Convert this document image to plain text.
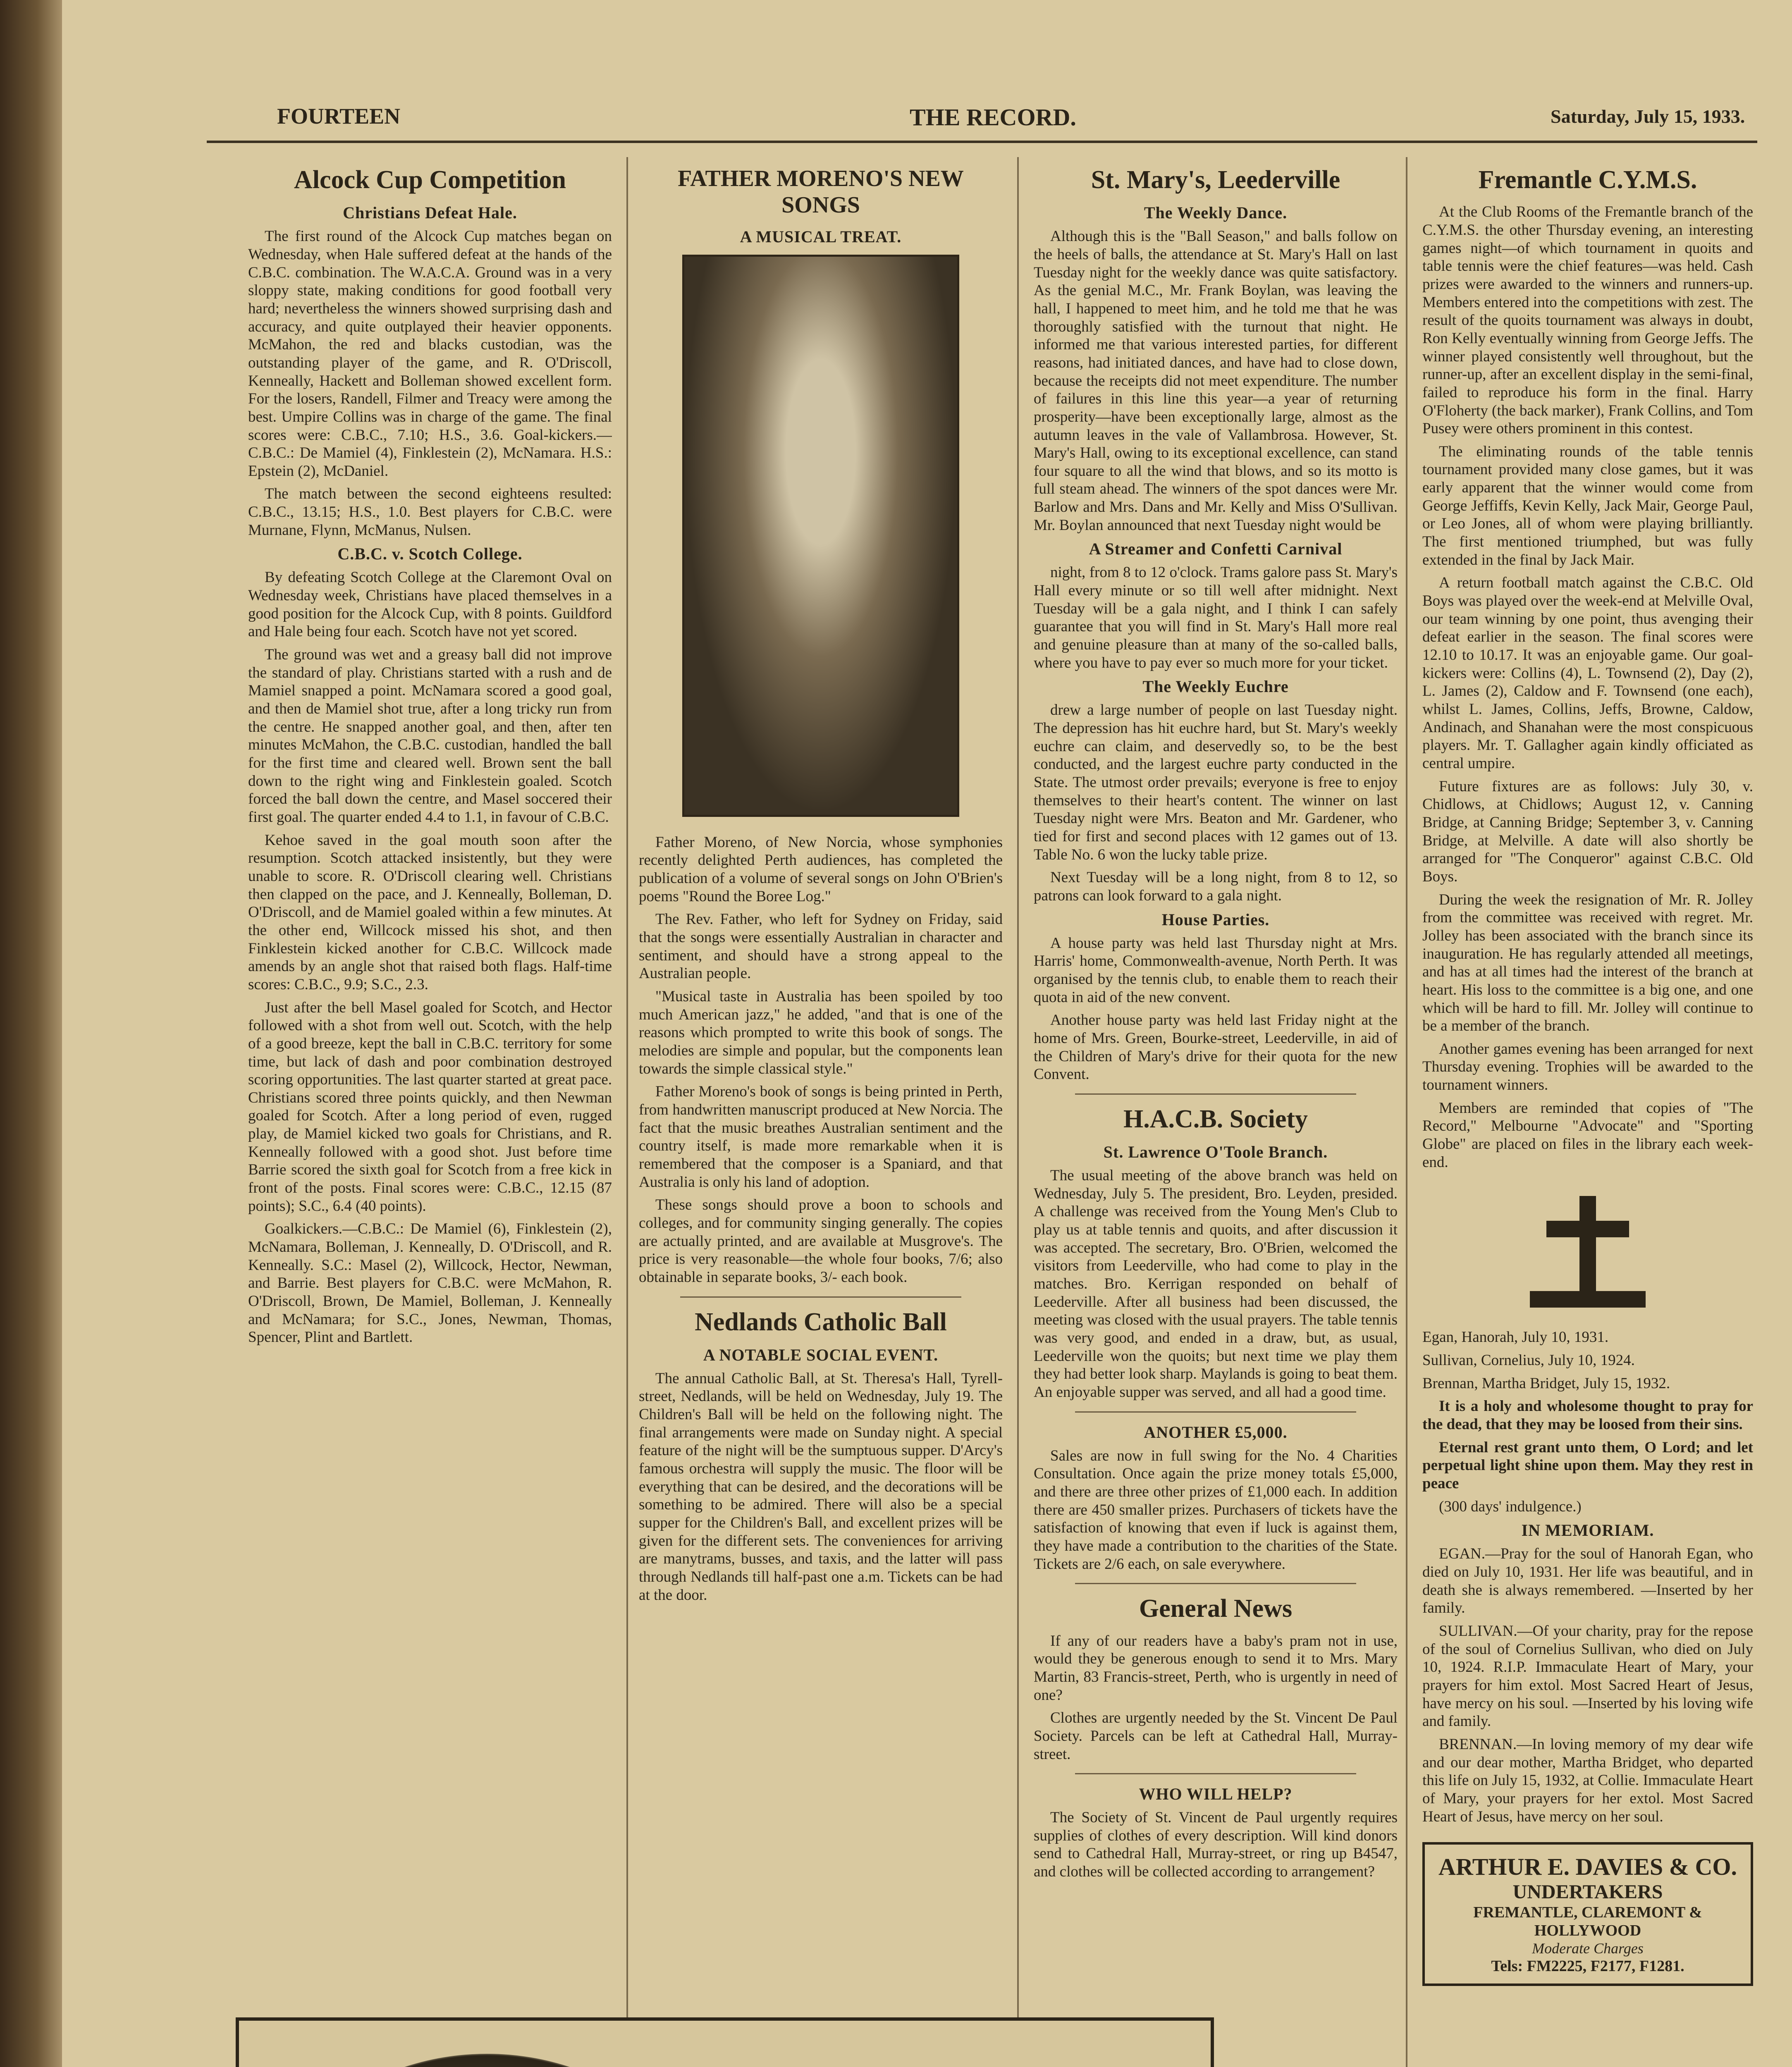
FOURTEEN	THE RECORD.	Saturday, July 15, 1933.
Alcock Cup Competition
Christians Defeat Hale.

The first round of the Alcock Cup matches began on Wednesday, when Hale suffered defeat at the hands of the C.B.C. combination. The W.A.C.A. Ground was in a very sloppy state, making conditions for good football very hard; nevertheless the winners showed surprising dash and accuracy, and quite outplayed their heavier opponents. McMahon, the red and blacks custodian, was the outstanding player of the game, and R. O'Driscoll, Kenneally, Hackett and Bolleman showed excellent form. For the losers, Randell, Filmer and Treacy were among the best. Umpire Collins was in charge of the game. The final scores were: C.B.C., 7.10; H.S., 3.6. Goal-kickers.—C.B.C.: De Mamiel (4), Finklestein (2), McNamara. H.S.: Epstein (2), McDaniel.

The match between the second eighteens resulted: C.B.C., 13.15; H.S., 1.0. Best players for C.B.C. were Murnane, Flynn, McManus, Nulsen.

C.B.C. v. Scotch College.

By defeating Scotch College at the Claremont Oval on Wednesday week, Christians have placed themselves in a good position for the Alcock Cup, with 8 points. Guildford and Hale being four each. Scotch have not yet scored.

The ground was wet and a greasy ball did not improve the standard of play. Christians started with a rush and de Mamiel snapped a point. McNamara scored a good goal, and then de Mamiel shot true, after a long tricky run from the centre. He snapped another goal, and then, after ten minutes McMahon, the C.B.C. custodian, handled the ball for the first time and cleared well. Brown sent the ball down to the right wing and Finklestein goaled. Scotch forced the ball down the centre, and Masel soccered their first goal. The quarter ended 4.4 to 1.1, in favour of C.B.C.

Kehoe saved in the goal mouth soon after the resumption. Scotch attacked insistently, but they were unable to score. R. O'Driscoll clearing well. Christians then clapped on the pace, and J. Kenneally, Bolleman, D. O'Driscoll, and de Mamiel goaled within a few minutes. At the other end, Willcock missed his shot, and then Finklestein kicked another for C.B.C. Willcock made amends by an angle shot that raised both flags. Half-time scores: C.B.C., 9.9; S.C., 2.3.

Just after the bell Masel goaled for Scotch, and Hector followed with a shot from well out. Scotch, with the help of a good breeze, kept the ball in C.B.C. territory for some time, but lack of dash and poor combination destroyed scoring opportunities. The last quarter started at great pace. Christians scored three points quickly, and then Newman goaled for Scotch. After a long period of even, rugged play, de Mamiel kicked two goals for Christians, and R. Kenneally followed with a good shot. Just before time Barrie scored the sixth goal for Scotch from a free kick in front of the posts. Final scores were: C.B.C., 12.15 (87 points); S.C., 6.4 (40 points).

Goalkickers.—C.B.C.: De Mamiel (6), Finklestein (2), McNamara, Bolleman, J. Kenneally, D. O'Driscoll, and R. Kenneally. S.C.: Masel (2), Willcock, Hector, Newman, and Barrie. Best players for C.B.C. were McMahon, R. O'Driscoll, Brown, De Mamiel, Bolleman, J. Kenneally and McNamara; for S.C., Jones, Newman, Thomas, Spencer, Plint and Bartlett.

FATHER MORENO'S NEW SONGS
A MUSICAL TREAT.

Father Moreno, of New Norcia, whose symphonies recently delighted Perth audiences, has completed the publication of a volume of several songs on John O'Brien's poems "Round the Boree Log."

The Rev. Father, who left for Sydney on Friday, said that the songs were essentially Australian in character and sentiment, and should have a strong appeal to the Australian people.

"Musical taste in Australia has been spoiled by too much American jazz," he added, "and that is one of the reasons which prompted to write this book of songs. The melodies are simple and popular, but the components lean towards the simple classical style."

Father Moreno's book of songs is being printed in Perth, from handwritten manuscript produced at New Norcia. The fact that the music breathes Australian sentiment and the country itself, is made more remarkable when it is remembered that the composer is a Spaniard, and that Australia is only his land of adoption.

These songs should prove a boon to schools and colleges, and for community singing generally. The copies are actually printed, and are available at Musgrove's. The price is very reasonable—the whole four books, 7/6; also obtainable in separate books, 3/- each book.

Nedlands Catholic Ball
A NOTABLE SOCIAL EVENT.

The annual Catholic Ball, at St. Theresa's Hall, Tyrell-street, Nedlands, will be held on Wednesday, July 19. The Children's Ball will be held on the following night. The final arrangements were made on Sunday night. A special feature of the night will be the sumptuous supper. D'Arcy's famous orchestra will supply the music. The floor will be everything that can be desired, and the decorations will be something to be admired. There will also be a special supper for the Children's Ball, and excellent prizes will be given for the different sets. The conveniences for arriving are manytrams, busses, and taxis, and the latter will pass through Nedlands till half-past one a.m. Tickets can be had at the door.

St. Mary's, Leederville
The Weekly Dance.

Although this is the "Ball Season," and balls follow on the heels of balls, the attendance at St. Mary's Hall on last Tuesday night for the weekly dance was quite satisfactory. As the genial M.C., Mr. Frank Boylan, was leaving the hall, I happened to meet him, and he told me that he was thoroughly satisfied with the turnout that night. He informed me that various interested parties, for different reasons, had initiated dances, and have had to close down, because the receipts did not meet expenditure. The number of failures in this line this year—a year of returning prosperity—have been exceptionally large, almost as the autumn leaves in the vale of Vallambrosa. However, St. Mary's Hall, owing to its exceptional excellence, can stand four square to all the wind that blows, and so its motto is full steam ahead. The winners of the spot dances were Mr. Barlow and Mrs. Dans and Mr. Kelly and Miss O'Sullivan. Mr. Boylan announced that next Tuesday night would be

A Streamer and Confetti Carnival

night, from 8 to 12 o'clock. Trams galore pass St. Mary's Hall every minute or so till well after midnight. Next Tuesday will be a gala night, and I think I can safely guarantee that you will find in St. Mary's Hall more real and genuine pleasure than at many of the so-called balls, where you have to pay ever so much more for your ticket.

The Weekly Euchre

drew a large number of people on last Tuesday night. The depression has hit euchre hard, but St. Mary's weekly euchre can claim, and deservedly so, to be the best conducted, and the largest euchre party conducted in the State. The utmost order prevails; everyone is free to enjoy themselves to their heart's content. The winner on last Tuesday night were Mrs. Beaton and Mr. Gardener, who tied for first and second places with 12 games out of 13. Table No. 6 won the lucky table prize.

Next Tuesday will be a long night, from 8 to 12, so patrons can look forward to a gala night.

House Parties.

A house party was held last Thursday night at Mrs. Harris' home, Commonwealth-avenue, North Perth. It was organised by the tennis club, to enable them to reach their quota in aid of the new convent.

Another house party was held last Friday night at the home of Mrs. Green, Bourke-street, Leederville, in aid of the Children of Mary's drive for their quota for the new Convent.

H.A.C.B. Society
St. Lawrence O'Toole Branch.

The usual meeting of the above branch was held on Wednesday, July 5. The president, Bro. Leyden, presided. A challenge was received from the Young Men's Club to play us at table tennis and quoits, and after discussion it was accepted. The secretary, Bro. O'Brien, welcomed the visitors from Leederville, who had come to play in the matches. Bro. Kerrigan responded on behalf of Leederville. After all business had been discussed, the meeting was closed with the usual prayers. The table tennis was very good, and ended in a draw, but, as usual, Leederville won the quoits; but next time we play them they had better look sharp. Maylands is going to beat them. An enjoyable supper was served, and all had a good time.

ANOTHER £5,000.

Sales are now in full swing for the No. 4 Charities Consultation. Once again the prize money totals £5,000, and there are three other prizes of £1,000 each. In addition there are 450 smaller prizes. Purchasers of tickets have the satisfaction of knowing that even if luck is against them, they have made a contribution to the charities of the State. Tickets are 2/6 each, on sale everywhere.

General News

If any of our readers have a baby's pram not in use, would they be generous enough to send it to Mrs. Mary Martin, 83 Francis-street, Perth, who is urgently in need of one?

Clothes are urgently needed by the St. Vincent De Paul Society. Parcels can be left at Cathedral Hall, Murray-street.

WHO WILL HELP?

The Society of St. Vincent de Paul urgently requires supplies of clothes of every description. Will kind donors send to Cathedral Hall, Murray-street, or ring up B4547, and clothes will be collected according to arrangement?

Fremantle C.Y.M.S.

At the Club Rooms of the Fremantle branch of the C.Y.M.S. the other Thursday evening, an interesting games night—of which tournament in quoits and table tennis were the chief features—was held. Cash prizes were awarded to the winners and runners-up. Members entered into the competitions with zest. The result of the quoits tournament was always in doubt, Ron Kelly eventually winning from George Jeffs. The winner played consistently well throughout, but the runner-up, after an excellent display in the semi-final, failed to reproduce his form in the final. Harry O'Floherty (the back marker), Frank Collins, and Tom Pusey were others prominent in this contest.

The eliminating rounds of the table tennis tournament provided many close games, but it was early apparent that the winner would come from George Jeffiffs, Kevin Kelly, Jack Mair, George Paul, or Leo Jones, all of whom were playing brilliantly. The first mentioned triumphed, but was fully extended in the final by Jack Mair.

A return football match against the C.B.C. Old Boys was played over the week-end at Melville Oval, our team winning by one point, thus avenging their defeat earlier in the season. The final scores were 12.10 to 10.17. It was an enjoyable game. Our goal-kickers were: Collins (4), L. Townsend (2), Day (2), L. James (2), Caldow and F. Townsend (one each), whilst L. James, Collins, Jeffs, Browne, Caldow, Andinach, and Shanahan were the most conspicuous players. Mr. T. Gallagher again kindly officiated as central umpire.

Future fixtures are as follows: July 30, v. Chidlows, at Chidlows; August 12, v. Canning Bridge, at Canning Bridge; September 3, v. Canning Bridge, at Melville. A date will also shortly be arranged for "The Conqueror" against C.B.C. Old Boys.

During the week the resignation of Mr. R. Jolley from the committee was received with regret. Mr. Jolley has been associated with the branch since its inauguration. He has regularly attended all meetings, and has at all times had the interest of the branch at heart. His loss to the committee is a big one, and one which will be hard to fill. Mr. Jolley will continue to be a member of the branch.

Another games evening has been arranged for next Thursday evening. Trophies will be awarded to the tournament winners.

Members are reminded that copies of "The Record," Melbourne "Advocate" and "Sporting Globe" are placed on files in the library each week-end.

Egan, Hanorah, July 10, 1931.

Sullivan, Cornelius, July 10, 1924.

Brennan, Martha Bridget, July 15, 1932.

It is a holy and wholesome thought to pray for the dead, that they may be loosed from their sins.

Eternal rest grant unto them, O Lord; and let perpetual light shine upon them. May they rest in peace

(300 days' indulgence.)

IN MEMORIAM.

EGAN.—Pray for the soul of Hanorah Egan, who died on July 10, 1931. Her life was beautiful, and in death she is always remembered. —Inserted by her family.

SULLIVAN.—Of your charity, pray for the repose of the soul of Cornelius Sullivan, who died on July 10, 1924. R.I.P. Immaculate Heart of Mary, your prayers for him extol. Most Sacred Heart of Jesus, have mercy on his soul. —Inserted by his loving wife and family.

BRENNAN.—In loving memory of my dear wife and our dear mother, Martha Bridget, who departed this life on July 15, 1932, at Collie. Immaculate Heart of Mary, your prayers for her extol. Most Sacred Heart of Jesus, have mercy on her soul.

ARTHUR E. DAVIES & CO.
UNDERTAKERS
FREMANTLE, CLAREMONT & HOLLYWOOD
Moderate Charges
Tels: FM2225, F2177, F1281.
